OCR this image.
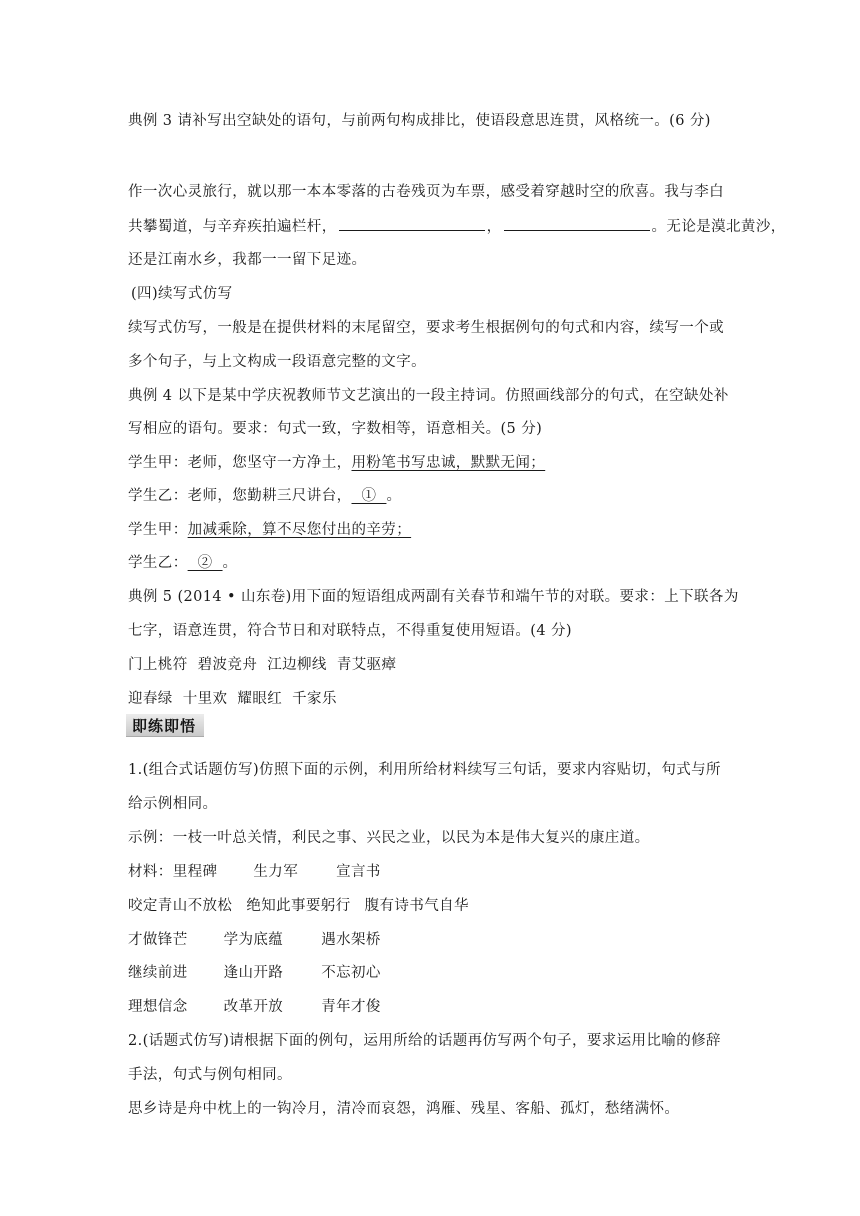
典例 3 请补写出空缺处的语句，与前两句构成排比，使语段意思连贯，风格统一。(6 分)
作一次心灵旅行，就以那一本本零落的古卷残页为车票，感受着穿越时空的欣喜。我与李白
共攀蜀道，与辛弃疾拍遍栏杆，	，	。无论是漠北黄沙，
还是江南水乡，我都一一留下足迹。
(四)续写式仿写
续写式仿写，一般是在提供材料的末尾留空，要求考生根据例句的句式和内容，续写一个或
多个句子，与上文构成一段语意完整的文字。
典例 4 以下是某中学庆祝教师节文艺演出的一段主持词。仿照画线部分的句式，在空缺处补
写相应的语句。要求：句式一致，字数相等，语意相关。(5 分)
学生甲：老师，您坚守一方净土，用粉笔书写忠诚，默默无闻；
学生乙：老师，您勤耕三尺讲台，  ①  。
学生甲：加减乘除，算不尽您付出的辛劳；
学生乙：  ②  。
典例 5 (2014 • 山东卷)用下面的短语组成两副有关春节和端午节的对联。要求：上下联各为
七字，语意连贯，符合节日和对联特点，不得重复使用短语。(4 分)
门上桃符  碧波竞舟  江边柳线  青艾驱瘴
迎春绿  十里欢  耀眼红  千家乐
即练即悟
1.(组合式话题仿写)仿照下面的示例，利用所给材料续写三句话，要求内容贴切，句式与所
给示例相同。
示例：一枝一叶总关情，利民之事、兴民之业，以民为本是伟大复兴的康庄道。
材料：里程碑 生力军	宣言书
咬定青山不放松 绝知此事要躬行 腹有诗书气自华
才做锋芒 学为底蕴	遇水架桥
继续前进 逢山开路	不忘初心
理想信念 改革开放	青年才俊
2.(话题式仿写)请根据下面的例句，运用所给的话题再仿写两个句子，要求运用比喻的修辞
手法，句式与例句相同。
思乡诗是舟中枕上的一钩冷月，清冷而哀怨，鸿雁、残星、客船、孤灯，愁绪满怀。
